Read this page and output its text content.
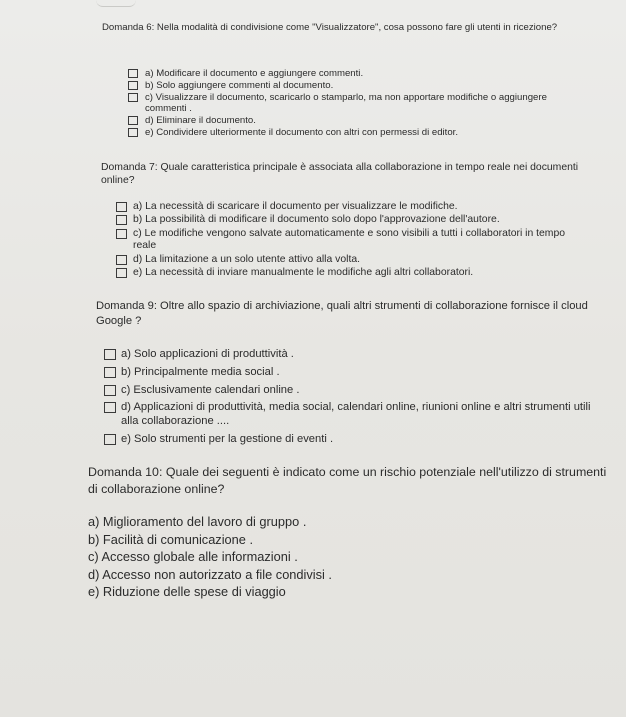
Domanda 6: Nella modalità di condivisione come "Visualizzatore", cosa possono fare gli utenti in ricezione?

a) Modificare il documento e aggiungere commenti.
b) Solo aggiungere commenti al documento.
c) Visualizzare il documento, scaricarlo o stamparlo, ma non apportare modifiche o aggiungere commenti .
d) Eliminare il documento.
e) Condividere ulteriormente il documento con altri con permessi di editor.

Domanda 7: Quale caratteristica principale è associata alla collaborazione in tempo reale nei documenti online?

a) La necessità di scaricare il documento per visualizzare le modifiche.
b) La possibilità di modificare il documento solo dopo l'approvazione dell'autore.
c) Le modifiche vengono salvate automaticamente e sono visibili a tutti i collaboratori in tempo reale
d) La limitazione a un solo utente attivo alla volta.
e) La necessità di inviare manualmente le modifiche agli altri collaboratori.

Domanda 9: Oltre allo spazio di archiviazione, quali altri strumenti di collaborazione fornisce il cloud Google ?

a) Solo applicazioni di produttività .
b) Principalmente media social .
c) Esclusivamente calendari online .
d) Applicazioni di produttività, media social, calendari online, riunioni online e altri strumenti utili alla collaborazione ....
e) Solo strumenti per la gestione di eventi .

Domanda 10: Quale dei seguenti è indicato come un rischio potenziale nell'utilizzo di strumenti di collaborazione online?

a) Miglioramento del lavoro di gruppo .
b) Facilità di comunicazione .
c) Accesso globale alle informazioni .
d) Accesso non autorizzato a file condivisi .
e) Riduzione delle spese di viaggio
